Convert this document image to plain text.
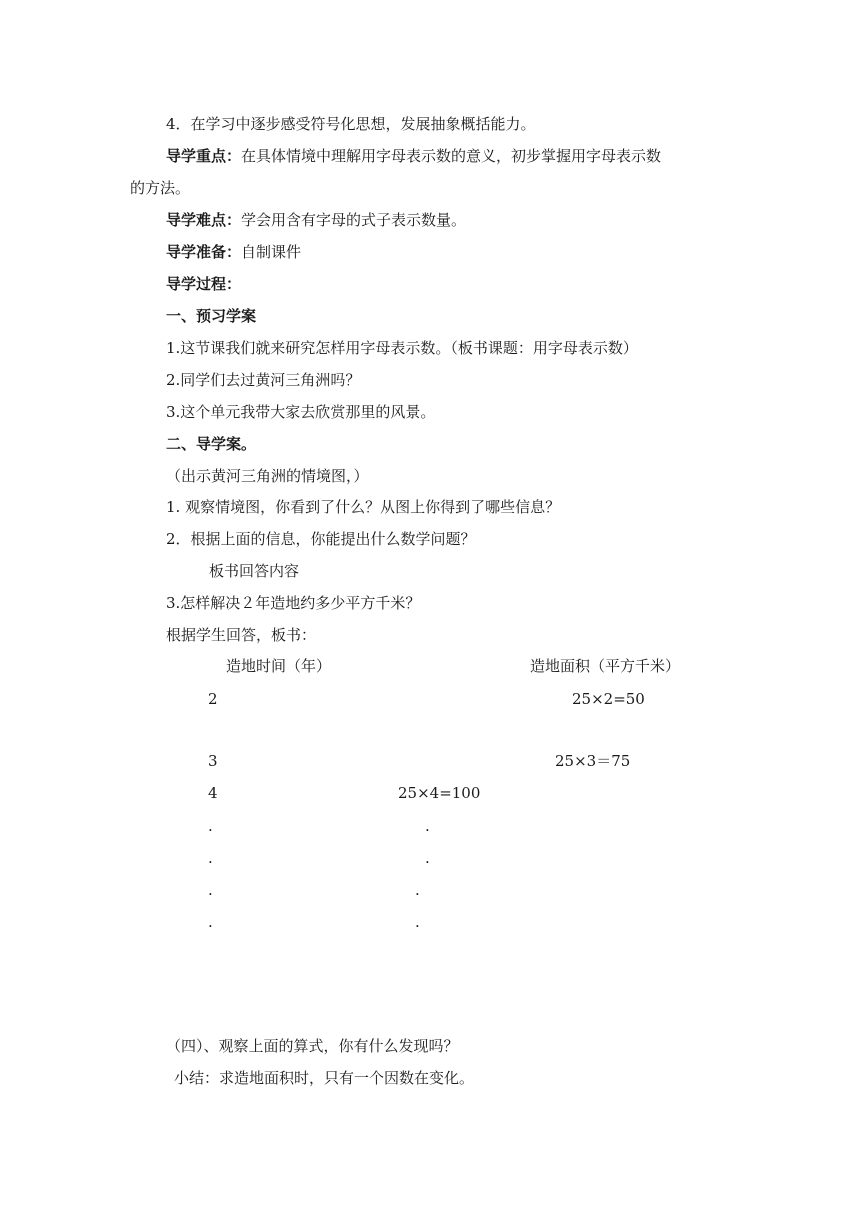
4．在学习中逐步感受符号化思想，发展抽象概括能力。
导学重点：在具体情境中理解用字母表示数的意义，初步掌握用字母表示数
的方法。
导学难点：学会用含有字母的式子表示数量。
导学准备：自制课件
导学过程：
一、预习学案
1.这节课我们就来研究怎样用字母表示数。（板书课题：用字母表示数）
2.同学们去过黄河三角洲吗？
3.这个单元我带大家去欣赏那里的风景。
二、导学案。
（出示黄河三角洲的情境图，）
1. 观察情境图，你看到了什么？从图上你得到了哪些信息？
2．根据上面的信息，你能提出什么数学问题？
板书回答内容
3.怎样解决２年造地约多少平方千米？
根据学生回答，板书：
造地时间（年）	造地面积（平方千米）
2	25×2=50
3	25×3＝75
4	25×4=100
.	.
.	.
.	.
.	.
（四）、观察上面的算式，你有什么发现吗？
小结：求造地面积时，只有一个因数在变化。
